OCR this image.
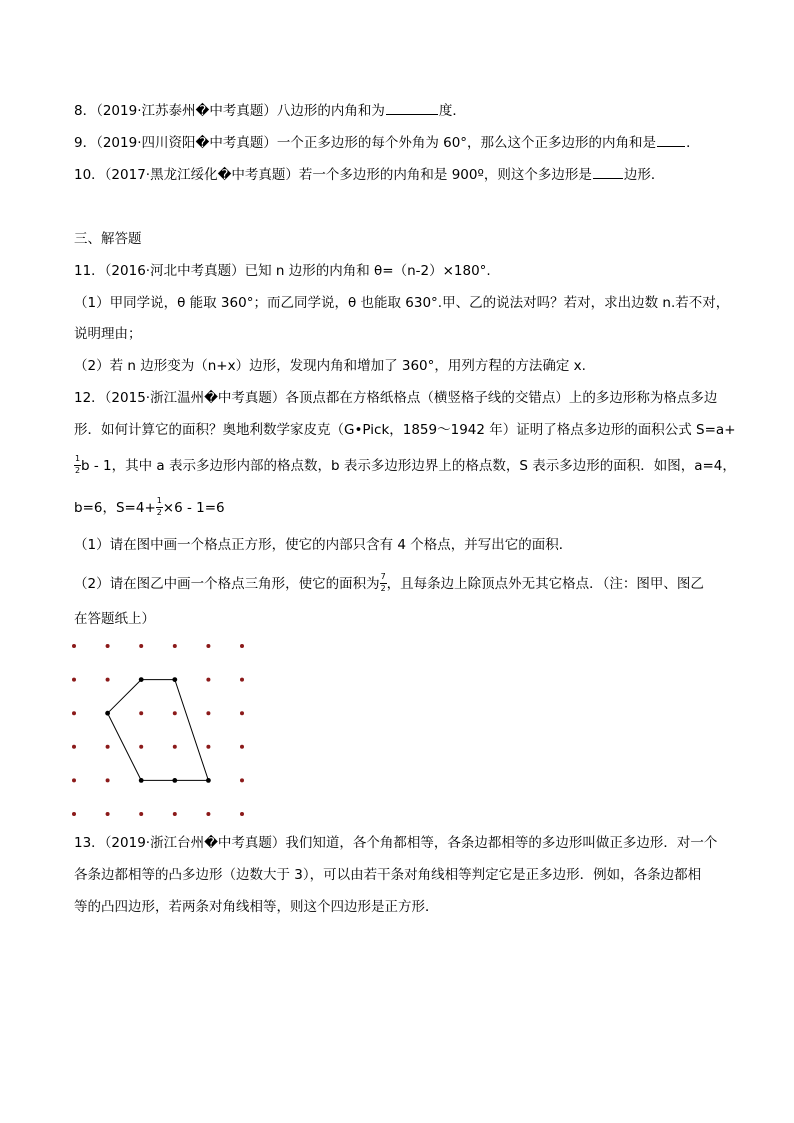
8．（2019·江苏泰州�中考真题）八边形的内角和为	度．
9．（2019·四川资阳�中考真题）一个正多边形的每个外角为 60°，那么这个正多边形的内角和是 ．
10．（2017·黑龙江绥化�中考真题）若一个多边形的内角和是 900º，则这个多边形是 边形．
三、解答题
11．（2016·河北中考真题）已知 n 边形的内角和 θ=（n-2）×180°.
（1）甲同学说，θ 能取 360°；而乙同学说，θ 也能取 630°.甲、乙的说法对吗？若对，求出边数 n.若不对，
说明理由；
（2）若 n 边形变为（n+x）边形，发现内角和增加了 360°，用列方程的方法确定 x.
12．（2015·浙江温州�中考真题）各顶点都在方格纸格点（横竖格子线的交错点）上的多边形称为格点多边
形．如何计算它的面积？奥地利数学家皮克（G•Pick，1859～1942 年）证明了格点多边形的面积公式 S=a+
$\frac{1}{2}$ b - 1，其中 a 表示多边形内部的格点数，b 表示多边形边界上的格点数，S 表示多边形的面积．如图，a=4，
b=6，$S=4+ \frac{1}{2} \times 6 - 1=6$
（1）请在图中画一个格点正方形，使它的内部只含有 4 个格点，并写出它的面积．
（2）请在图乙中画一个格点三角形，使它的面积为 $\frac{7}{2}$ ，且每条边上除顶点外无其它格点．（注：图甲、图乙
在答题纸上）
13．（2019·浙江台州�中考真题）我们知道，各个角都相等，各条边都相等的多边形叫做正多边形．对一个
各条边都相等的凸多边形（边数大于 3），可以由若干条对角线相等判定它是正多边形．例如，各条边都相
等的凸四边形，若两条对角线相等，则这个四边形是正方形．
